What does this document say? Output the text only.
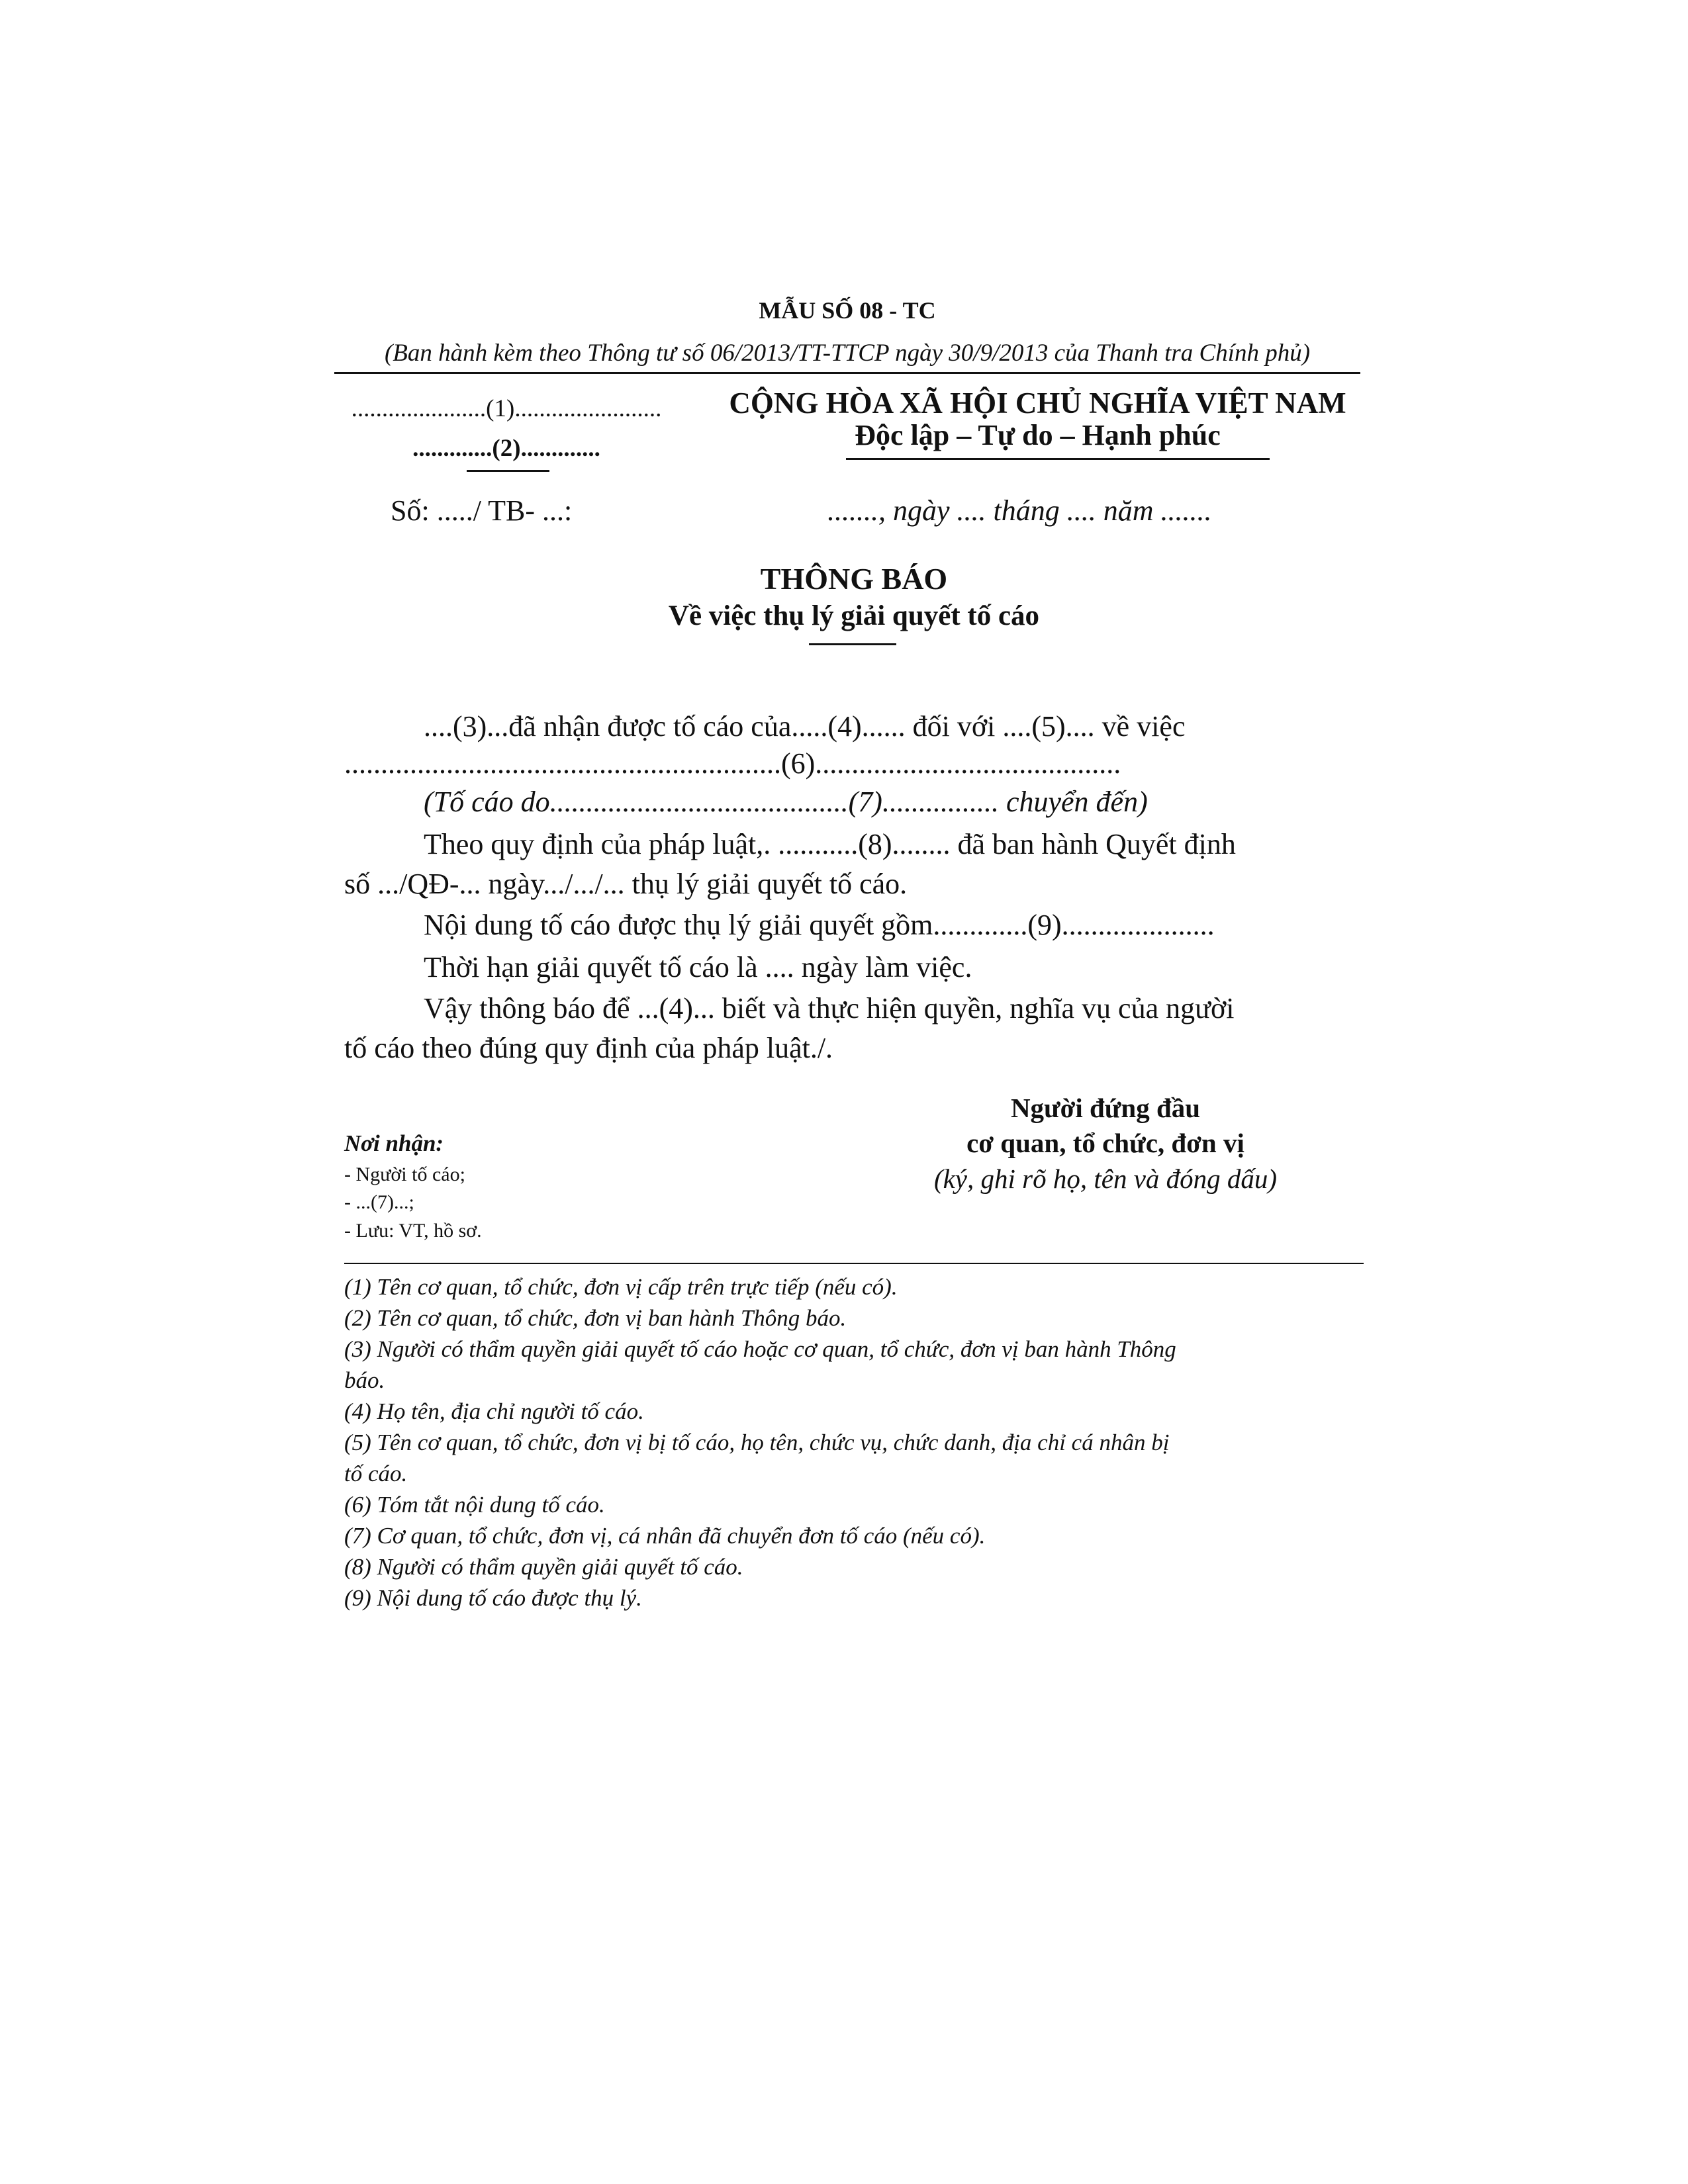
MẪU SỐ 08 - TC
(Ban hành kèm theo Thông tư số 06/2013/TT-TTCP ngày 30/9/2013 của Thanh tra Chính phủ)
......................(1)........................
.............(2).............
Số: ...../ TB- ...:
CỘNG HÒA XÃ HỘI CHỦ NGHĨA VIỆT NAM
Độc lập – Tự do – Hạnh phúc
......., ngày .... tháng .... năm .......
THÔNG BÁO
Về việc thụ lý giải quyết tố cáo
....(3)...đã nhận được tố cáo của.....(4)...... đối với ....(5).... về việc
............................................................(6)..........................................
(Tố cáo do.........................................(7)................ chuyển đến)
Theo quy định của pháp luật,. ...........(8)........ đã ban hành Quyết định
số .../QĐ-... ngày.../.../... thụ lý giải quyết tố cáo.
Nội dung tố cáo được thụ lý giải quyết gồm.............(9).....................
Thời hạn giải quyết tố cáo là .... ngày làm việc.
Vậy thông báo để ...(4)... biết và thực hiện quyền, nghĩa vụ của người
tố cáo theo đúng quy định của pháp luật./.
Nơi nhận:
- Người tố cáo;
- ...(7)...;
- Lưu: VT, hồ sơ.
Người đứng đầu
cơ quan, tổ chức, đơn vị
(ký, ghi rõ họ, tên và đóng dấu)
(1) Tên cơ quan, tổ chức, đơn vị cấp trên trực tiếp (nếu có).
(2) Tên cơ quan, tổ chức, đơn vị ban hành Thông báo.
(3) Người có thẩm quyền giải quyết tố cáo hoặc cơ quan, tổ chức, đơn vị ban hành Thông
báo.
(4) Họ tên, địa chỉ người tố cáo.
(5) Tên cơ quan, tổ chức, đơn vị bị tố cáo, họ tên, chức vụ, chức danh, địa chỉ cá nhân bị
tố cáo.
(6) Tóm tắt nội dung tố cáo.
(7) Cơ quan, tổ chức, đơn vị, cá nhân đã chuyển đơn tố cáo (nếu có).
(8) Người có thẩm quyền giải quyết tố cáo.
(9) Nội dung tố cáo được thụ lý.
